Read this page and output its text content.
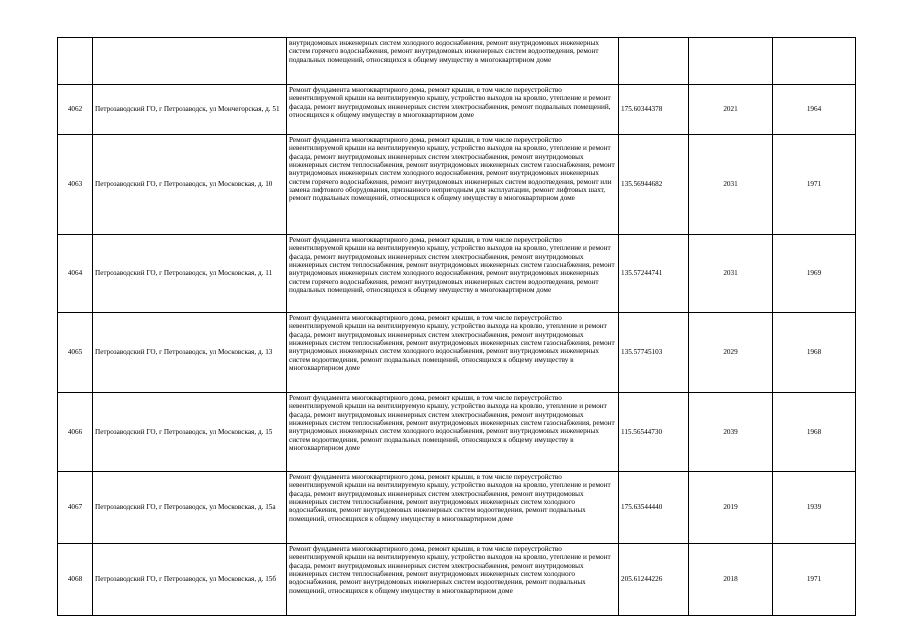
		внутридомовых инженерных систем холодного водоснабжения, ремонт внутридомовых инженерных систем горячего водоснабжения, ремонт внутридомовых инженерных систем водоотведения, ремонт подвальных помещений, относящихся к общему имуществу в многоквартирном доме			
4062	Петрозаводский ГО, г Петрозаводск, ул Мончегорская, д. 51	Ремонт фундамента многоквартирного дома, ремонт крыши, в том числе переустройство невентилируемой крыши на вентилируемую крышу, устройство выходов на кровлю, утепление и ремонт фасада, ремонт внутридомовых инженерных систем электроснабжения, ремонт подвальных помещений, относящихся к общему имуществу в многоквартирном доме	175.60344378	2021	1964
4063	Петрозаводский ГО, г Петрозаводск, ул Московская, д. 10	Ремонт фундамента многоквартирного дома, ремонт крыши, в том числе переустройство невентилируемой крыши на вентилируемую крышу, устройство выходов на кровлю, утепление и ремонт фасада, ремонт внутридомовых инженерных систем электроснабжения, ремонт внутридомовых инженерных систем теплоснабжения, ремонт внутридомовых инженерных систем газоснабжения, ремонт внутридомовых инженерных систем холодного водоснабжения, ремонт внутридомовых инженерных систем горячего водоснабжения, ремонт внутридомовых инженерных систем водоотведения, ремонт или замена лифтового оборудования, признанного непригодным для эксплуатации, ремонт лифтовых шахт, ремонт подвальных помещений, относящихся к общему имуществу в многоквартирном доме	135.56944682	2031	1971
4064	Петрозаводский ГО, г Петрозаводск, ул Московская, д. 11	Ремонт фундамента многоквартирного дома, ремонт крыши, в том числе переустройство невентилируемой крыши на вентилируемую крышу, устройство выходов на кровлю, утепление и ремонт фасада, ремонт внутридомовых инженерных систем электроснабжения, ремонт внутридомовых инженерных систем теплоснабжения, ремонт внутридомовых инженерных систем газоснабжения, ремонт внутридомовых инженерных систем холодного водоснабжения, ремонт внутридомовых инженерных систем горячего водоснабжения, ремонт внутридомовых инженерных систем водоотведения, ремонт подвальных помещений, относящихся к общему имуществу в многоквартирном доме	135.57244741	2031	1969
4065	Петрозаводский ГО, г Петрозаводск, ул Московская, д. 13	Ремонт фундамента многоквартирного дома, ремонт крыши, в том числе переустройство невентилируемой крыши на вентилируемую крышу, устройство выхода на кровлю, утепление и ремонт фасада, ремонт внутридомовых инженерных систем электроснабжения, ремонт внутридомовых инженерных систем теплоснабжения, ремонт внутридомовых инженерных систем газоснабжения, ремонт внутридомовых инженерных систем холодного водоснабжения, ремонт внутридомовых инженерных систем водоотведения, ремонт подвальных помещений, относящихся к общему имуществу в многоквартирном доме	135.57745103	2029	1968
4066	Петрозаводский ГО, г Петрозаводск, ул Московская, д. 15	Ремонт фундамента многоквартирного дома, ремонт крыши, в том числе переустройство невентилируемой крыши на вентилируемую крышу, устройство выхода на кровлю, утепление и ремонт фасада, ремонт внутридомовых инженерных систем электроснабжения, ремонт внутридомовых инженерных систем теплоснабжения, ремонт внутридомовых инженерных систем газоснабжения, ремонт внутридомовых инженерных систем холодного водоснабжения, ремонт внутридомовых инженерных систем водоотведения, ремонт подвальных помещений, относящихся к общему имуществу в многоквартирном доме	115.56544730	2039	1968
4067	Петрозаводский ГО, г Петрозаводск, ул Московская, д. 15а	Ремонт фундамента многоквартирного дома, ремонт крыши, в том числе переустройство невентилируемой крыши на вентилируемую крышу, устройство выходов на кровлю, утепление и ремонт фасада, ремонт внутридомовых инженерных систем электроснабжения, ремонт внутридомовых инженерных систем теплоснабжения, ремонт внутридомовых инженерных систем холодного водоснабжения, ремонт внутридомовых инженерных систем водоотведения, ремонт подвальных помещений, относящихся к общему имуществу в многоквартирном доме	175.63544440	2019	1939
4068	Петрозаводский ГО, г Петрозаводск, ул Московская, д. 15б	Ремонт фундамента многоквартирного дома, ремонт крыши, в том числе переустройство невентилируемой крыши на вентилируемую крышу, устройство выходов на кровлю, утепление и ремонт фасада, ремонт внутридомовых инженерных систем электроснабжения, ремонт внутридомовых инженерных систем теплоснабжения, ремонт внутридомовых инженерных систем холодного водоснабжения, ремонт внутридомовых инженерных систем водоотведения, ремонт подвальных помещений, относящихся к общему имуществу в многоквартирном доме	205.61244226	2018	1971
